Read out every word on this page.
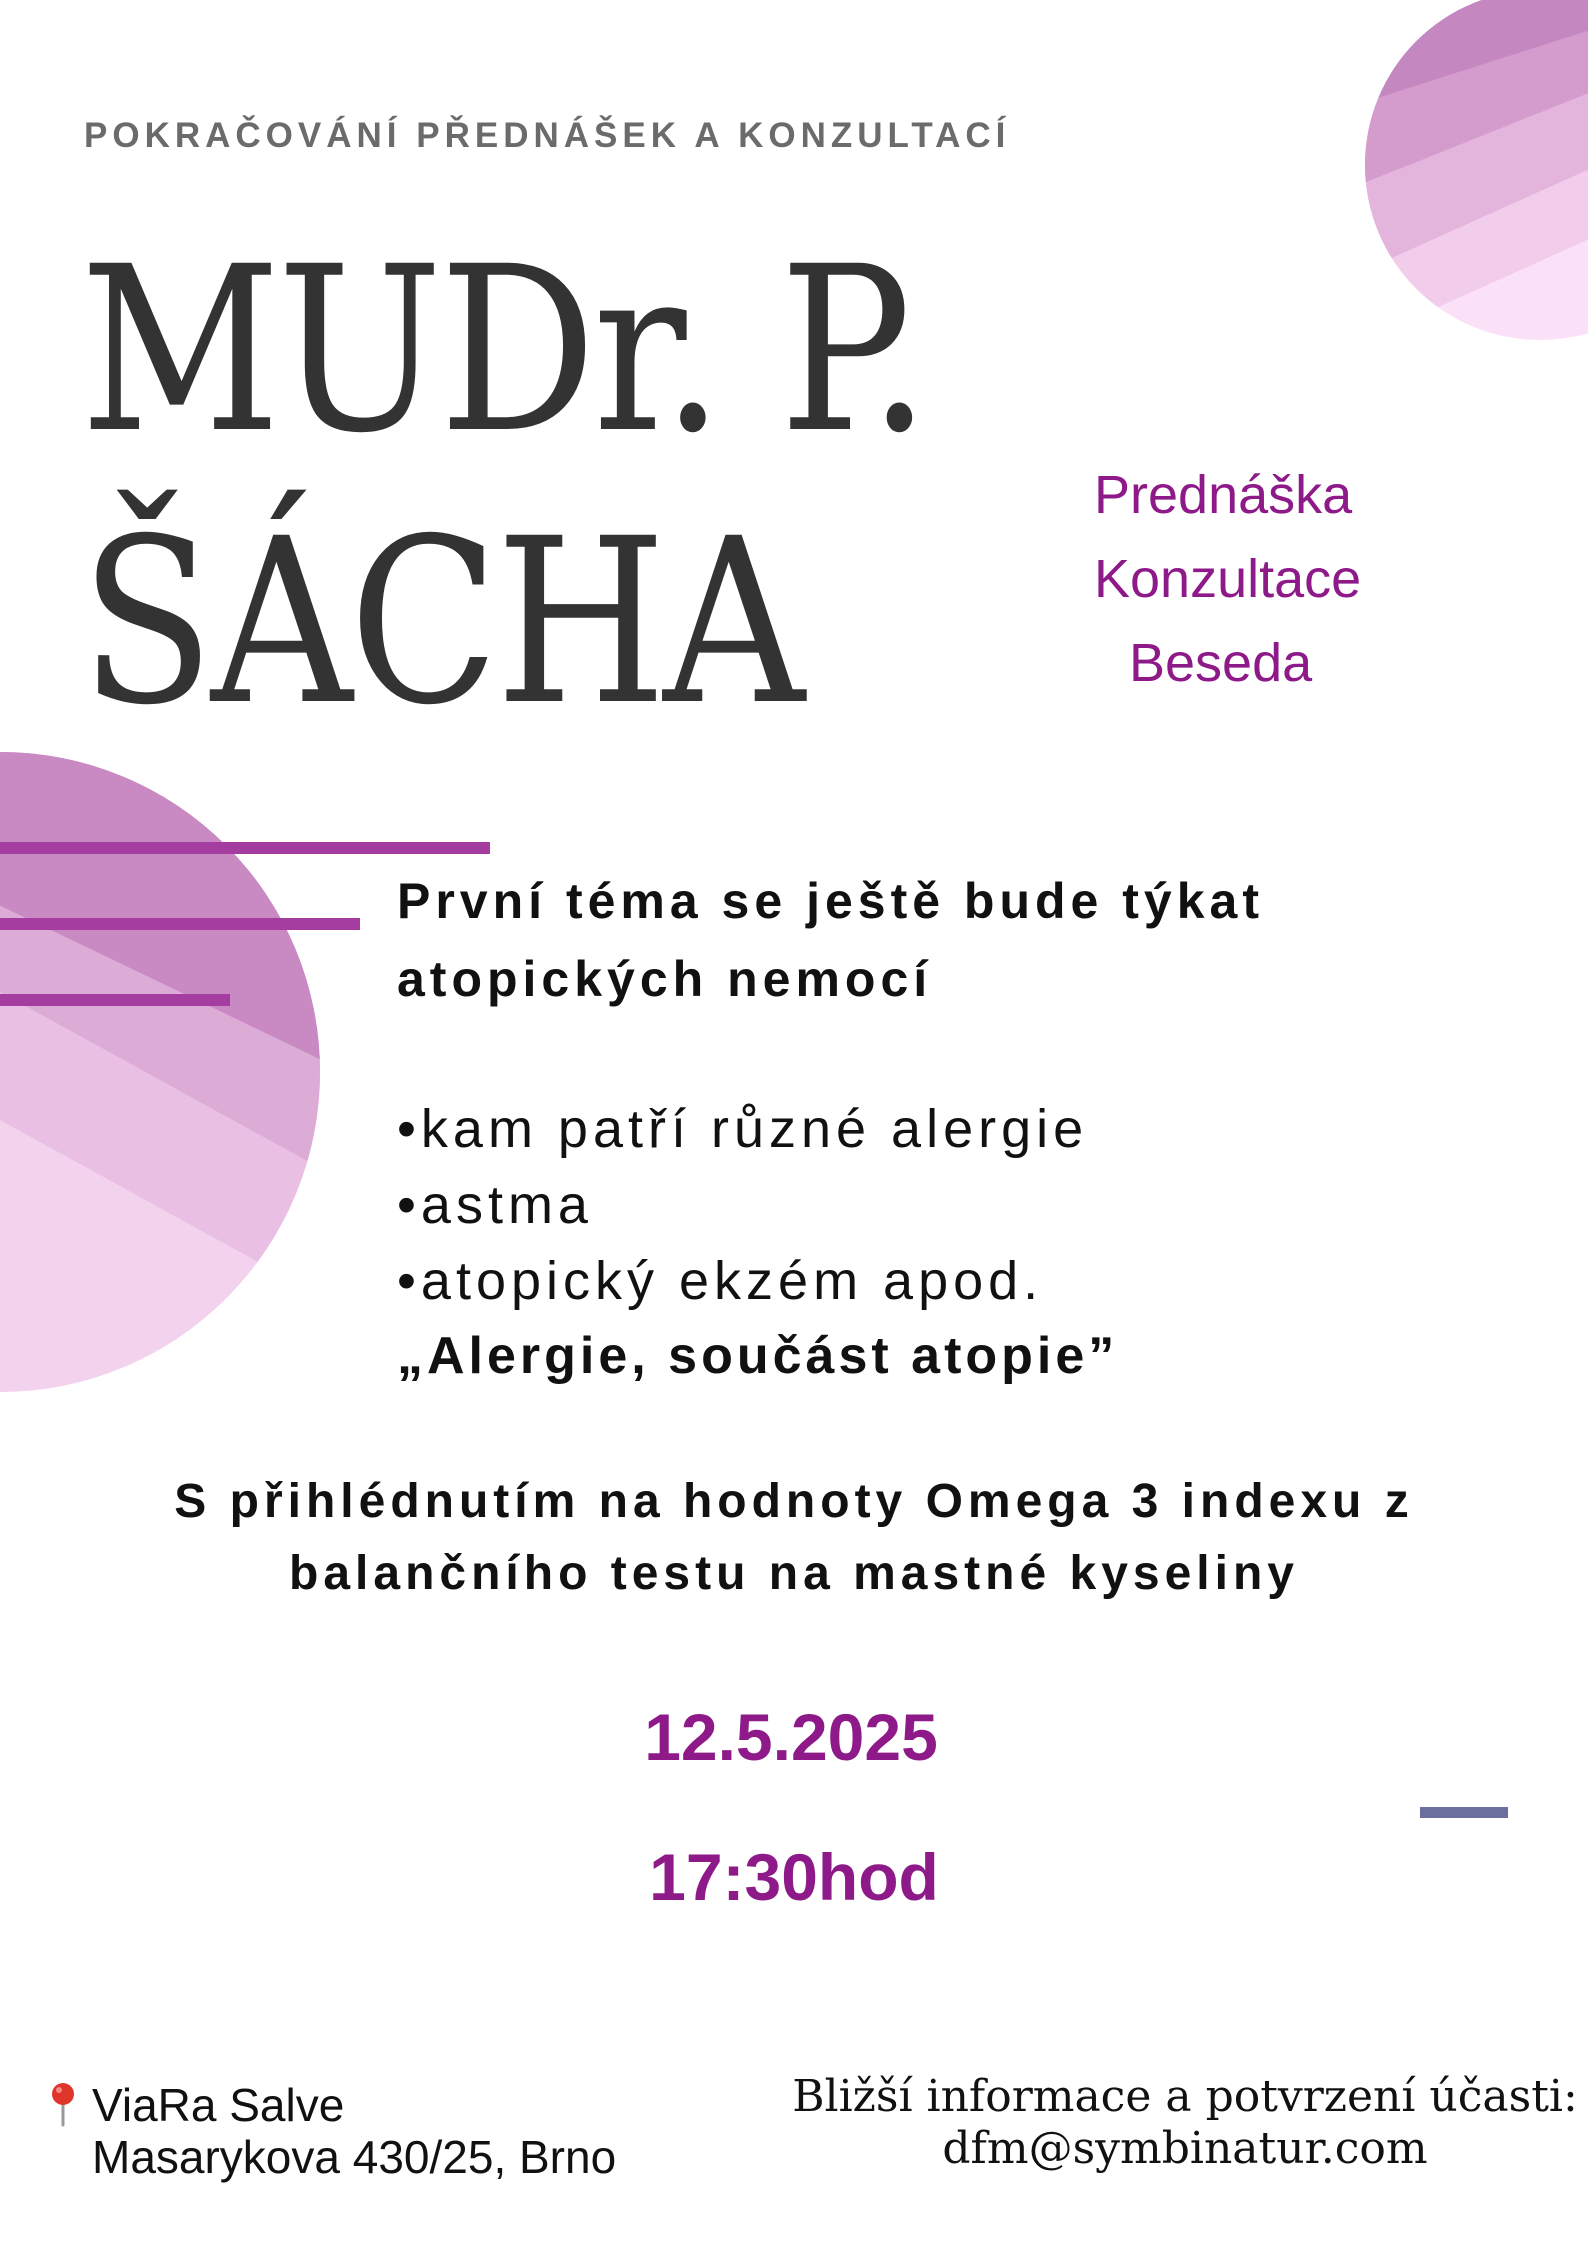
POKRAČOVÁNÍ PŘEDNÁŠEK A KONZULTACÍ
MUDr. P.
ŠÁCHA	Prednáška
Konzultace
Beseda
První téma se ještě bude týkat
atopických nemocí
•kam patří různé alergie
•astma
•atopický ekzém apod.
„Alergie, součást atopie”
S přihlédnutím na hodnoty Omega 3 indexu z
balančního testu na mastné kyseliny
12.5.2025
17:30hod
ViaRa Salve
Masarykova 430/25, Brno
Bližší informace a potvrzení účasti:
dfm@symbinatur.com
